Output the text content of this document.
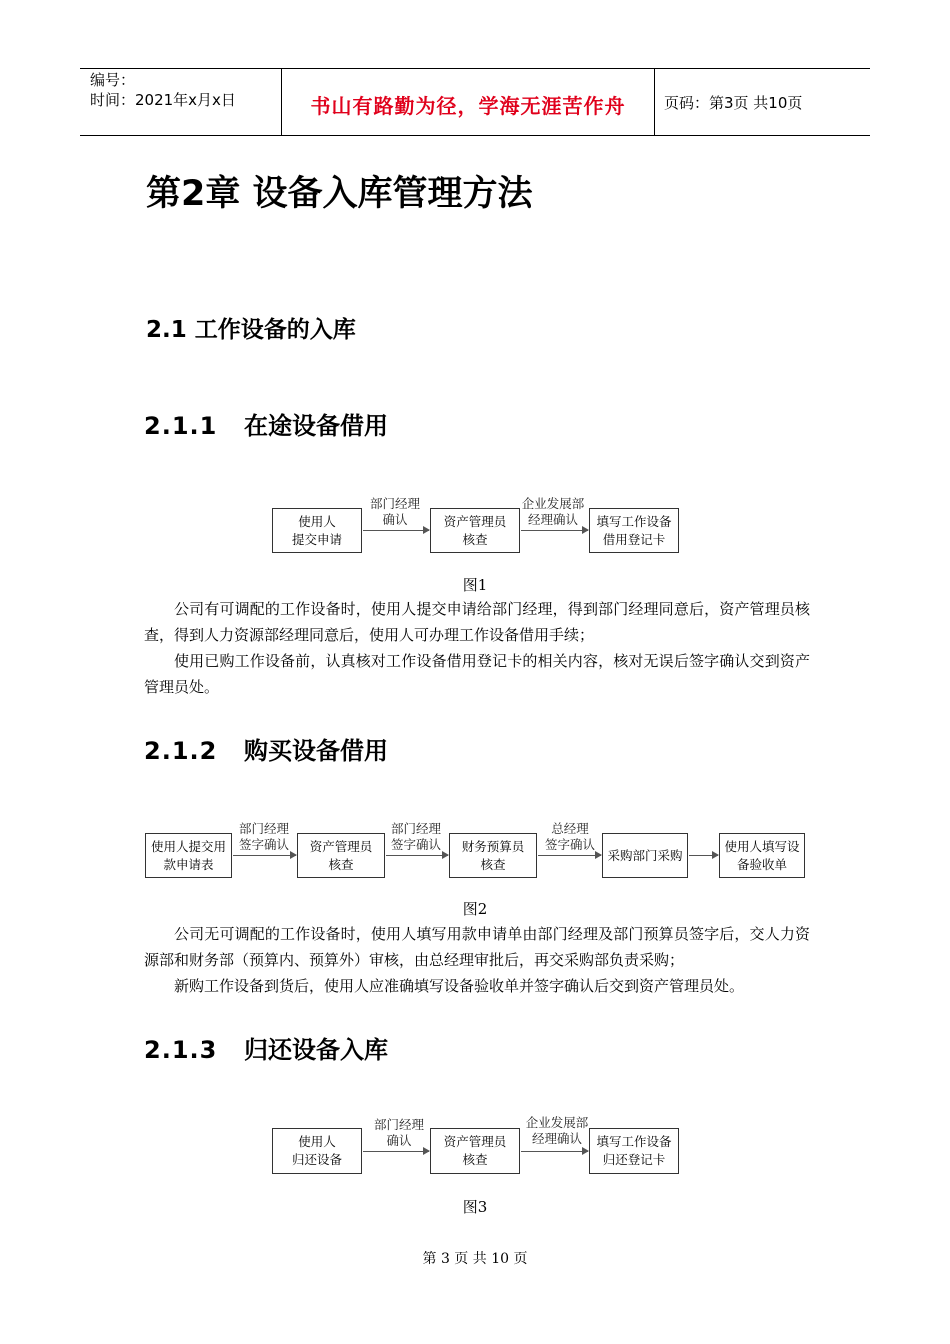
编号：
时间：2021年x月x日	书山有路勤为径，学海无涯苦作舟	页码：第3页 共10页
第2章 设备入库管理方法
2.1 工作设备的入库
2.1.1 在途设备借用
使用人
提交申请
部门经理
确认	资产管理员
核查
企业发展部
经理确认	填写工作设备
借用登记卡
图1

公司有可调配的工作设备时，使用人提交申请给部门经理，得到部门经理同意后，资产管理员核查，得到人力资源部经理同意后，使用人可办理工作设备借用手续；

使用已购工作设备前，认真核对工作设备借用登记卡的相关内容，核对无误后签字确认交到资产管理员处。

2.1.2 购买设备借用
使用人提交用
款申请表
部门经理
签字确认	资产管理员
核查
部门经理
签字确认	财务预算员
核查
总经理
签字确认
采购部门采购
使用人填写设
备验收单
图2

公司无可调配的工作设备时，使用人填写用款申请单由部门经理及部门预算员签字后，交人力资源部和财务部（预算内、预算外）审核，由总经理审批后，再交采购部负责采购；

新购工作设备到货后，使用人应准确填写设备验收单并签字确认后交到资产管理员处。

2.1.3 归还设备入库
使用人
归还设备
部门经理
确认	资产管理员
核查
企业发展部
经理确认	填写工作设备
归还登记卡
图3
第 3 页 共 10 页
